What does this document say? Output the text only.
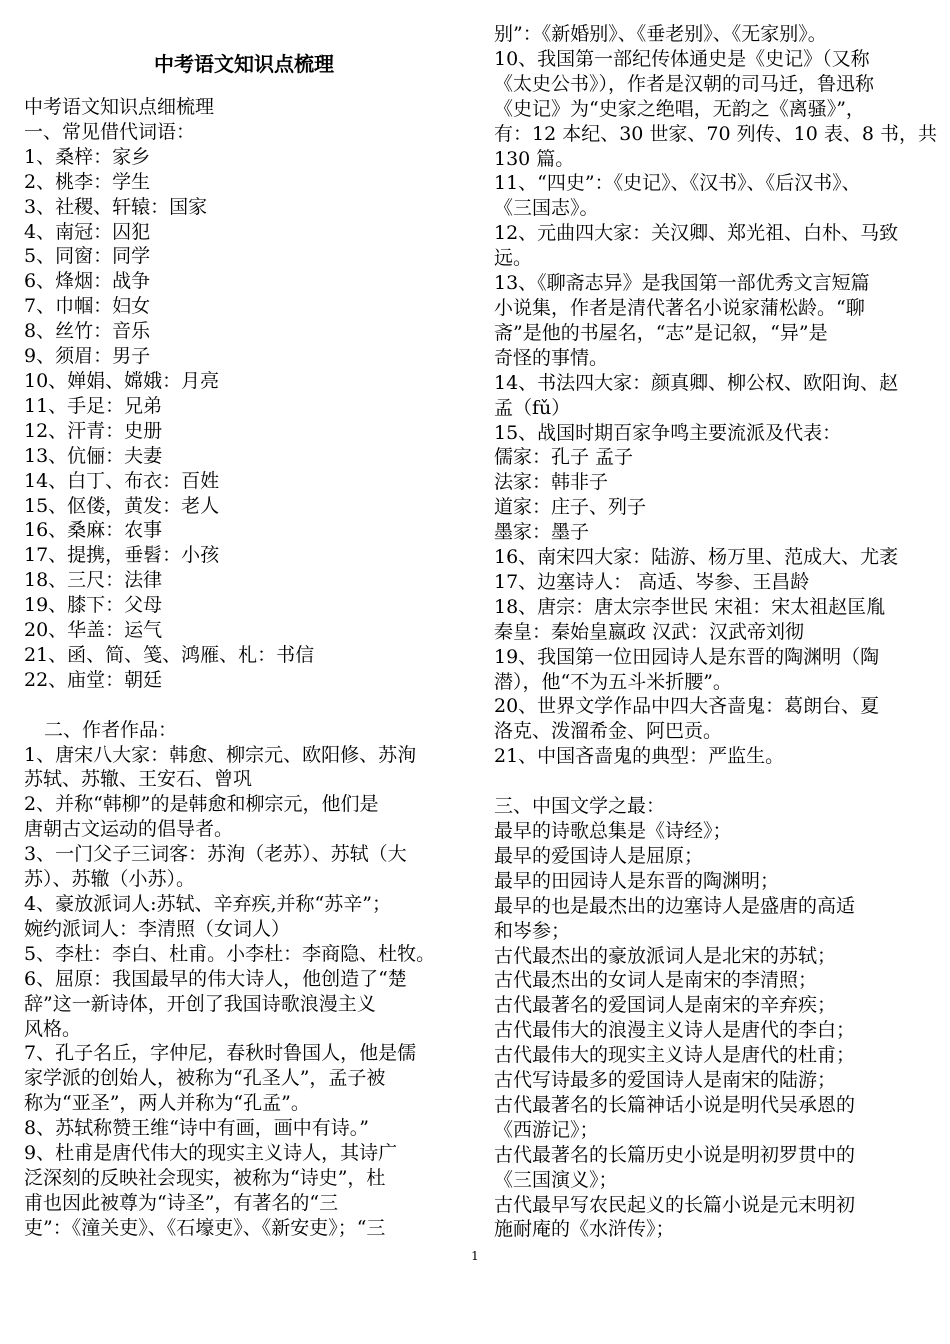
中考语文知识点梳理
中考语文知识点细梳理
一、常见借代词语：
1、桑梓：家乡
2、桃李：学生
3、社稷、轩辕：国家
4、南冠：囚犯
5、同窗：同学
6、烽烟：战争
7、巾帼：妇女
8、丝竹：音乐
9、须眉：男子
10、婵娟、嫦娥：月亮
11、手足：兄弟
12、汗青：史册
13、伉俪：夫妻
14、白丁、布衣：百姓
15、伛偻，黄发：老人
16、桑麻：农事
17、提携，垂髫：小孩
18、三尺：法律
19、膝下：父母
20、华盖：运气
21、函、简、笺、鸿雁、札：书信
22、庙堂：朝廷
二、作者作品：
1、唐宋八大家：韩愈、柳宗元、欧阳修、苏洵
苏轼、苏辙、王安石、曾巩
2、并称“韩柳”的是韩愈和柳宗元，他们是
唐朝古文运动的倡导者。
3、一门父子三词客：苏洵（老苏）、苏轼（大
苏）、苏辙（小苏）。
4、豪放派词人:苏轼、辛弃疾,并称“苏辛”；
婉约派词人：李清照（女词人）
5、李杜：李白、杜甫。小李杜：李商隐、杜牧。
6、屈原：我国最早的伟大诗人，他创造了“楚
辞”这一新诗体，开创了我国诗歌浪漫主义
风格。
7、孔子名丘，字仲尼，春秋时鲁国人，他是儒
家学派的创始人，被称为“孔圣人”，孟子被
称为“亚圣”，两人并称为“孔孟”。
8、苏轼称赞王维“诗中有画，画中有诗。”
9、杜甫是唐代伟大的现实主义诗人，其诗广
泛深刻的反映社会现实，被称为“诗史”，杜
甫也因此被尊为“诗圣”，有著名的“三
吏”：《潼关吏》、《石壕吏》、《新安吏》；“三
别”：《新婚别》、《垂老别》、《无家别》。
10、我国第一部纪传体通史是《史记》（又称
《太史公书》），作者是汉朝的司马迁，鲁迅称
《史记》为“史家之绝唱，无韵之《离骚》”，
有：12 本纪、30 世家、70 列传、10 表、8 书，共
130 篇。
11、“四史”：《史记》、《汉书》、《后汉书》、
《三国志》。
12、元曲四大家：关汉卿、郑光祖、白朴、马致
远。
13、《聊斋志异》是我国第一部优秀文言短篇
小说集，作者是清代著名小说家蒲松龄。“聊
斋”是他的书屋名，“志”是记叙，“异”是
奇怪的事情。
14、书法四大家：颜真卿、柳公权、欧阳询、赵
孟（fǔ）
15、战国时期百家争鸣主要流派及代表：
儒家：孔子 孟子
法家：韩非子
道家：庄子、列子
墨家：墨子
16、南宋四大家：陆游、杨万里、范成大、尤袤
17、边塞诗人： 高适、岑参、王昌龄
18、唐宗：唐太宗李世民 宋祖：宋太祖赵匡胤
秦皇：秦始皇嬴政 汉武：汉武帝刘彻
19、我国第一位田园诗人是东晋的陶渊明（陶
潜），他“不为五斗米折腰”。
20、世界文学作品中四大吝啬鬼：葛朗台、夏
洛克、泼溜希金、阿巴贡。
21、中国吝啬鬼的典型：严监生。
三、中国文学之最：
最早的诗歌总集是《诗经》；
最早的爱国诗人是屈原；
最早的田园诗人是东晋的陶渊明；
最早的也是最杰出的边塞诗人是盛唐的高适
和岑参；
古代最杰出的豪放派词人是北宋的苏轼；
古代最杰出的女词人是南宋的李清照；
古代最著名的爱国词人是南宋的辛弃疾；
古代最伟大的浪漫主义诗人是唐代的李白；
古代最伟大的现实主义诗人是唐代的杜甫；
古代写诗最多的爱国诗人是南宋的陆游；
古代最著名的长篇神话小说是明代吴承恩的
《西游记》；
古代最著名的长篇历史小说是明初罗贯中的
《三国演义》；
古代最早写农民起义的长篇小说是元末明初
施耐庵的《水浒传》；
1
